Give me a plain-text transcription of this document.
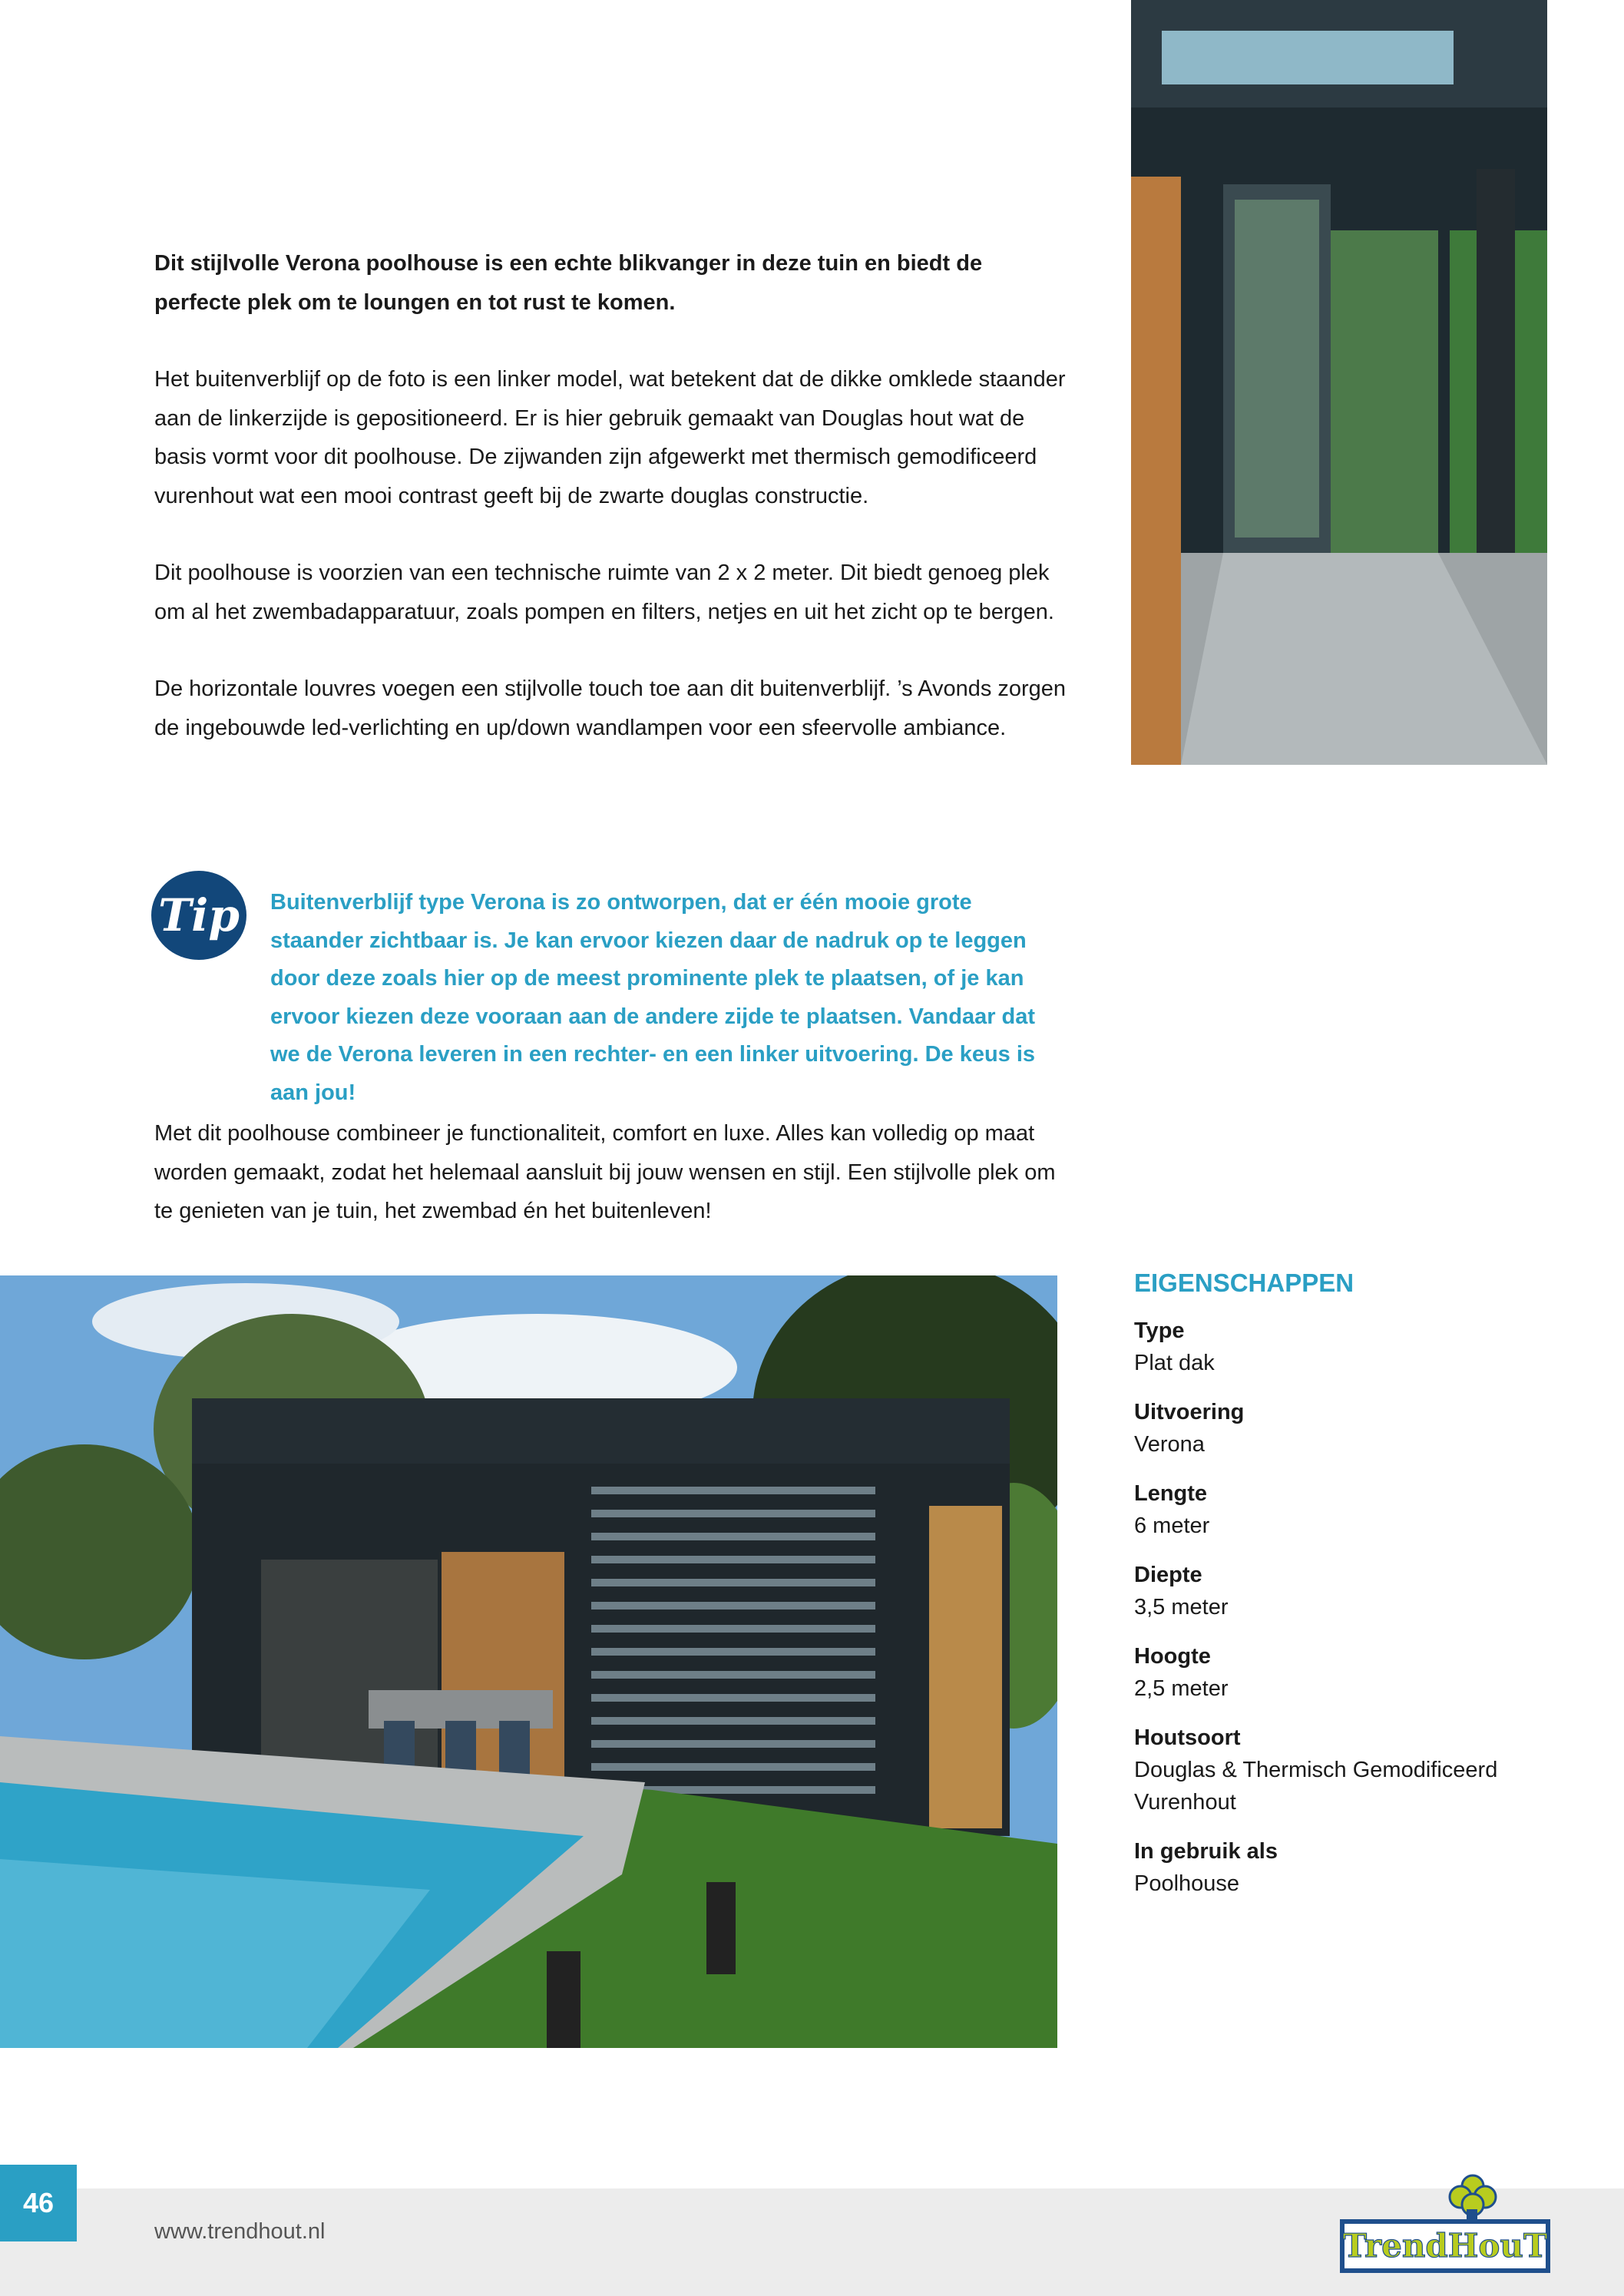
Dit stijlvolle Verona poolhouse is een echte blikvanger in deze tuin en biedt de perfecte plek om te loungen en tot rust te komen.

Het buitenverblijf op de foto is een linker model, wat betekent dat de dikke omklede staander aan de linkerzijde is gepositioneerd. Er is hier gebruik gemaakt van Douglas hout wat de basis vormt voor dit poolhouse. De zijwanden zijn afgewerkt met thermisch gemodificeerd vurenhout wat een mooi contrast geeft bij de zwarte douglas constructie.

Dit poolhouse is voorzien van een technische ruimte van 2 x 2 meter. Dit biedt genoeg plek om al het zwembadapparatuur, zoals pompen en filters, netjes en uit het zicht op te bergen.

De horizontale louvres voegen een stijlvolle touch toe aan dit buitenverblijf. ’s Avonds zorgen de ingebouwde led-verlichting en up/down wandlampen voor een sfeervolle ambiance.

Tip Buitenverblijf type Verona is zo ontworpen, dat er één mooie grote staander zichtbaar is. Je kan ervoor kiezen daar de nadruk op te leggen door deze zoals hier op de meest prominente plek te plaatsen, of je kan ervoor kiezen deze vooraan aan de andere zijde te plaatsen. Vandaar dat we de Verona leveren in een rechter- en een linker uitvoering. De keus is aan jou!

Met dit poolhouse combineer je functionaliteit, comfort en luxe. Alles kan volledig op maat worden gemaakt, zodat het helemaal aansluit bij jouw wensen en stijl. Een stijlvolle plek om te genieten van je tuin, het zwembad én het buitenleven!

EIGENSCHAPPEN
Type
Plat dak
Uitvoering
Verona
Lengte
6 meter
Diepte
3,5 meter
Hoogte
2,5 meter
Houtsoort
Douglas & Thermisch Gemodificeerd Vurenhout
In gebruik als
Poolhouse
46
www.trendhout.nl	TrendHouT
